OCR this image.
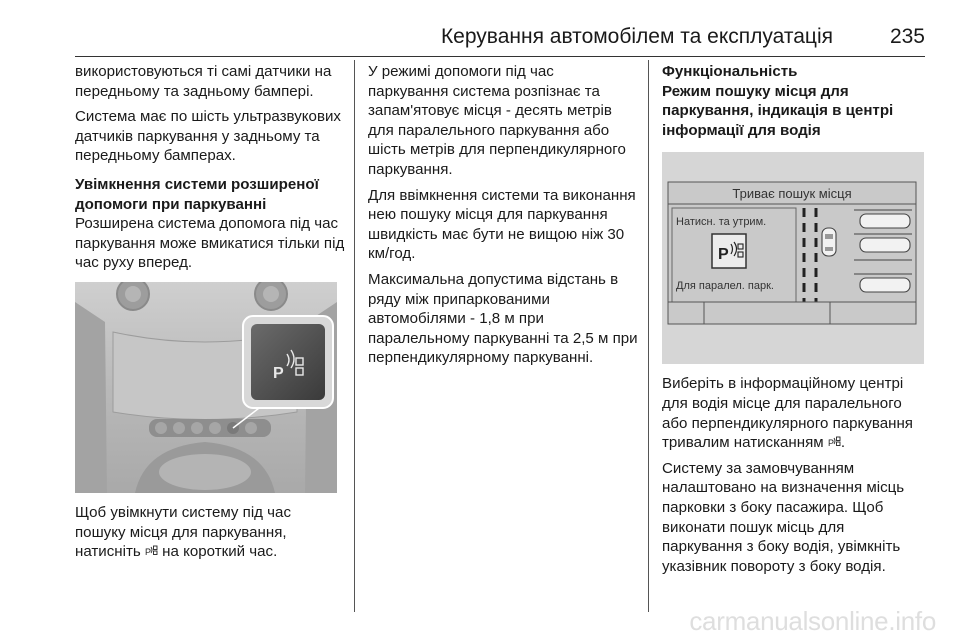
Керування автомобілем та експлуатація	235

використовуються ті самі датчики на передньому та задньому бампері.

Система має по шість ультразвукових датчиків паркування у задньому та передньому бамперах.

Увімкнення системи розширеної допомоги при паркуванні

Розширена система допомога під час паркування може вмикатися тільки під час руху вперед.

P

Щоб увімкнути систему під час пошуку місця для паркування, натисніть P на короткий час.

У режимі допомоги під час паркування система розпізнає та запам'ятовує місця - десять метрів для паралельного паркування або шість метрів для перпендикулярного паркування.

Для ввімкнення системи та виконання нею пошуку місця для паркування швидкість має бути не вищою ніж 30 км/год.

Максимальна допустима відстань в ряду між припаркованими автомобілями - 1,8 м при паралельному паркуванні та 2,5 м при перпендикулярному паркуванні.

Функціональність
Режим пошуку місця для паркування, індикація в центрі інформації для водія
Триває пошук місця
Натисн. та утрим.
P
Для паралел. парк.

Виберіть в інформаційному центрі для водія місце для паралельного або перпендикулярного паркування тривалим натисканням P .

Систему за замовчуванням налаштовано на визначення місць парковки з боку пасажира. Щоб виконати пошук місць для паркування з боку водія, увімкніть указівник повороту з боку водія.

carmanualsonline.info
